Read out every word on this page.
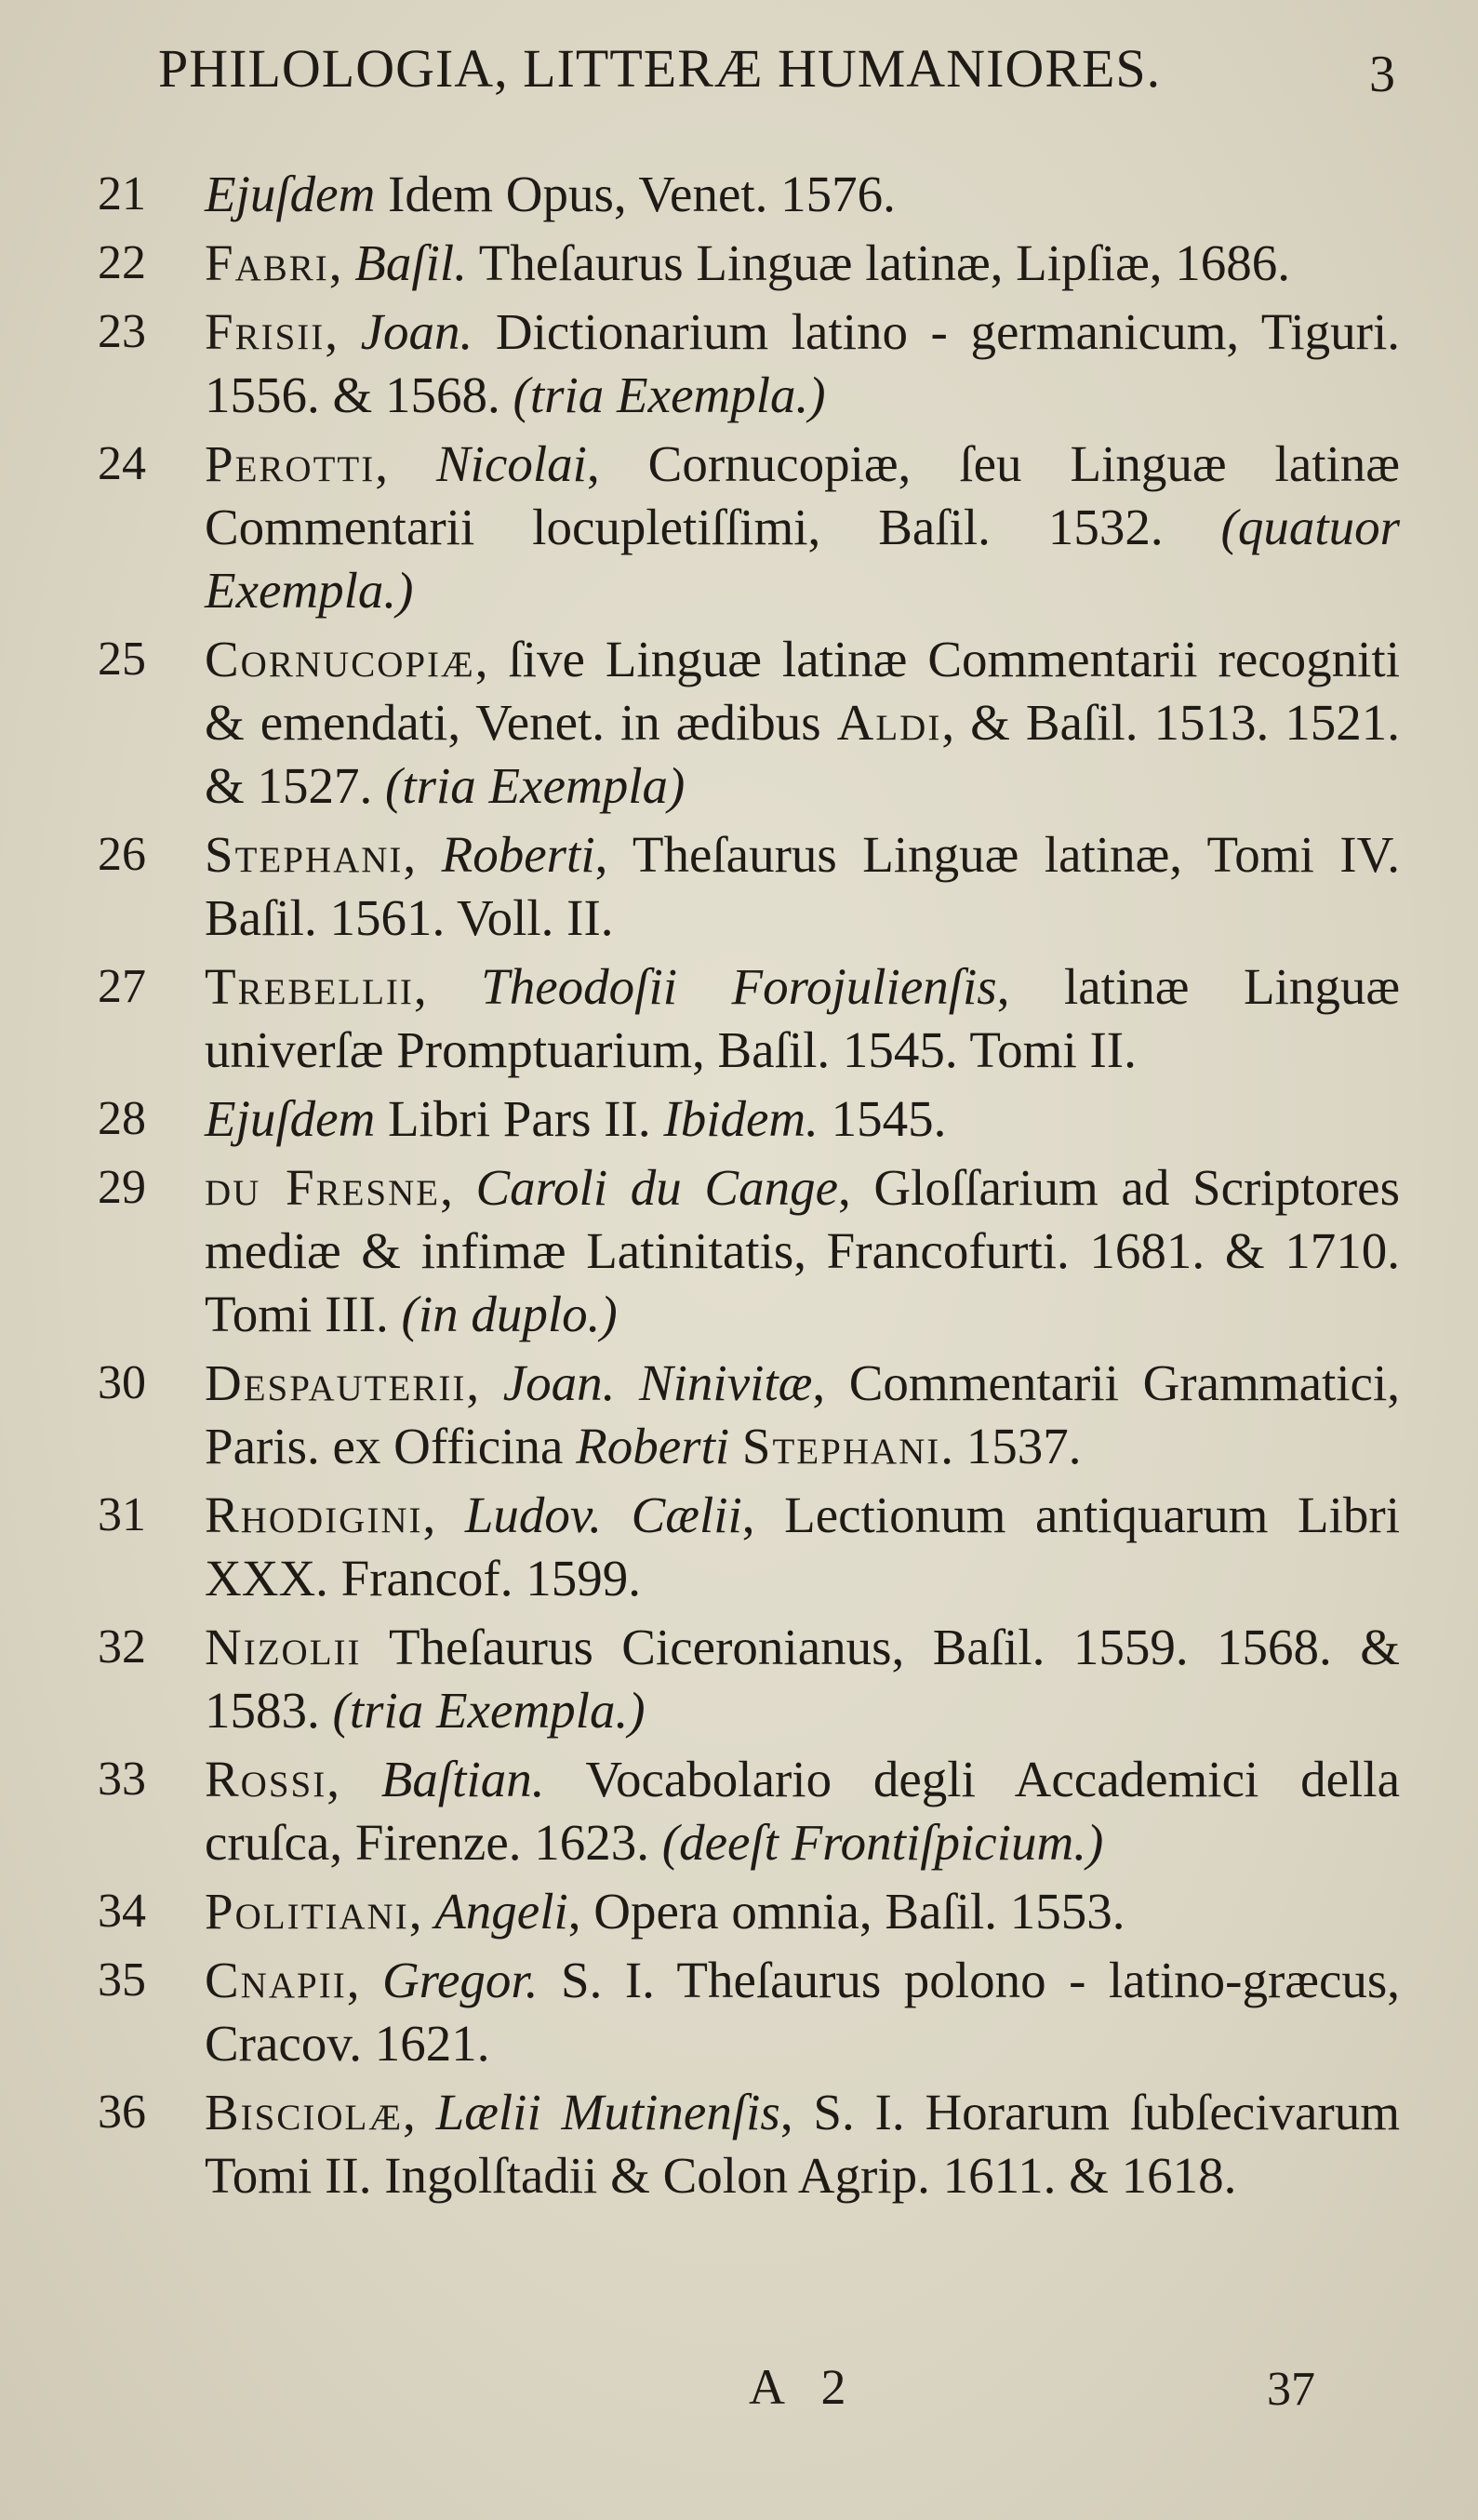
PHILOLOGIA, LITTERÆ HUMANIORES.	3
21	Ejuſdem Idem Opus, Venet. 1576.
22	Fabri, Baſil. Theſaurus Linguæ latinæ, Lipſiæ, 1686.
23	Frisii, Joan. Dictionarium latino - germanicum, Tiguri. 1556. & 1568. (tria Exempla.)
24	Perotti, Nicolai, Cornucopiæ, ſeu Linguæ latinæ Commentarii locupletiſſimi, Baſil. 1532. (quatuor Exempla.)
25	Cornucopiæ, ſive Linguæ latinæ Commentarii recogniti & emendati, Venet. in ædibus Aldi, & Baſil. 1513. 1521. & 1527. (tria Exempla)
26	Stephani, Roberti, Theſaurus Linguæ latinæ, Tomi IV. Baſil. 1561. Voll. II.
27	Trebellii, Theodoſii Forojulienſis, latinæ Linguæ univerſæ Promptuarium, Baſil. 1545. Tomi II.
28	Ejuſdem Libri Pars II. Ibidem. 1545.
29	du Fresne, Caroli du Cange, Gloſſarium ad Scriptores mediæ & infimæ Latinitatis, Francofurti. 1681. & 1710. Tomi III. (in duplo.)
30	Despauterii, Joan. Ninivitæ, Commentarii Grammatici, Paris. ex Officina Roberti Stephani. 1537.
31	Rhodigini, Ludov. Cælii, Lectionum antiquarum Libri XXX. Francof. 1599.
32	Nizolii Theſaurus Ciceronianus, Baſil. 1559. 1568. & 1583. (tria Exempla.)
33	Rossi, Baſtian. Vocabolario degli Accademici della cruſca, Firenze. 1623. (deeſt Frontiſpicium.)
34	Politiani, Angeli, Opera omnia, Baſil. 1553.
35	Cnapii, Gregor. S. I. Theſaurus polono - latino-græcus, Cracov. 1621.
36	Bisciolæ, Lælii Mutinenſis, S. I. Horarum ſubſecivarum Tomi II. Ingolſtadii & Colon Agrip. 1611. & 1618.
A 2	37
